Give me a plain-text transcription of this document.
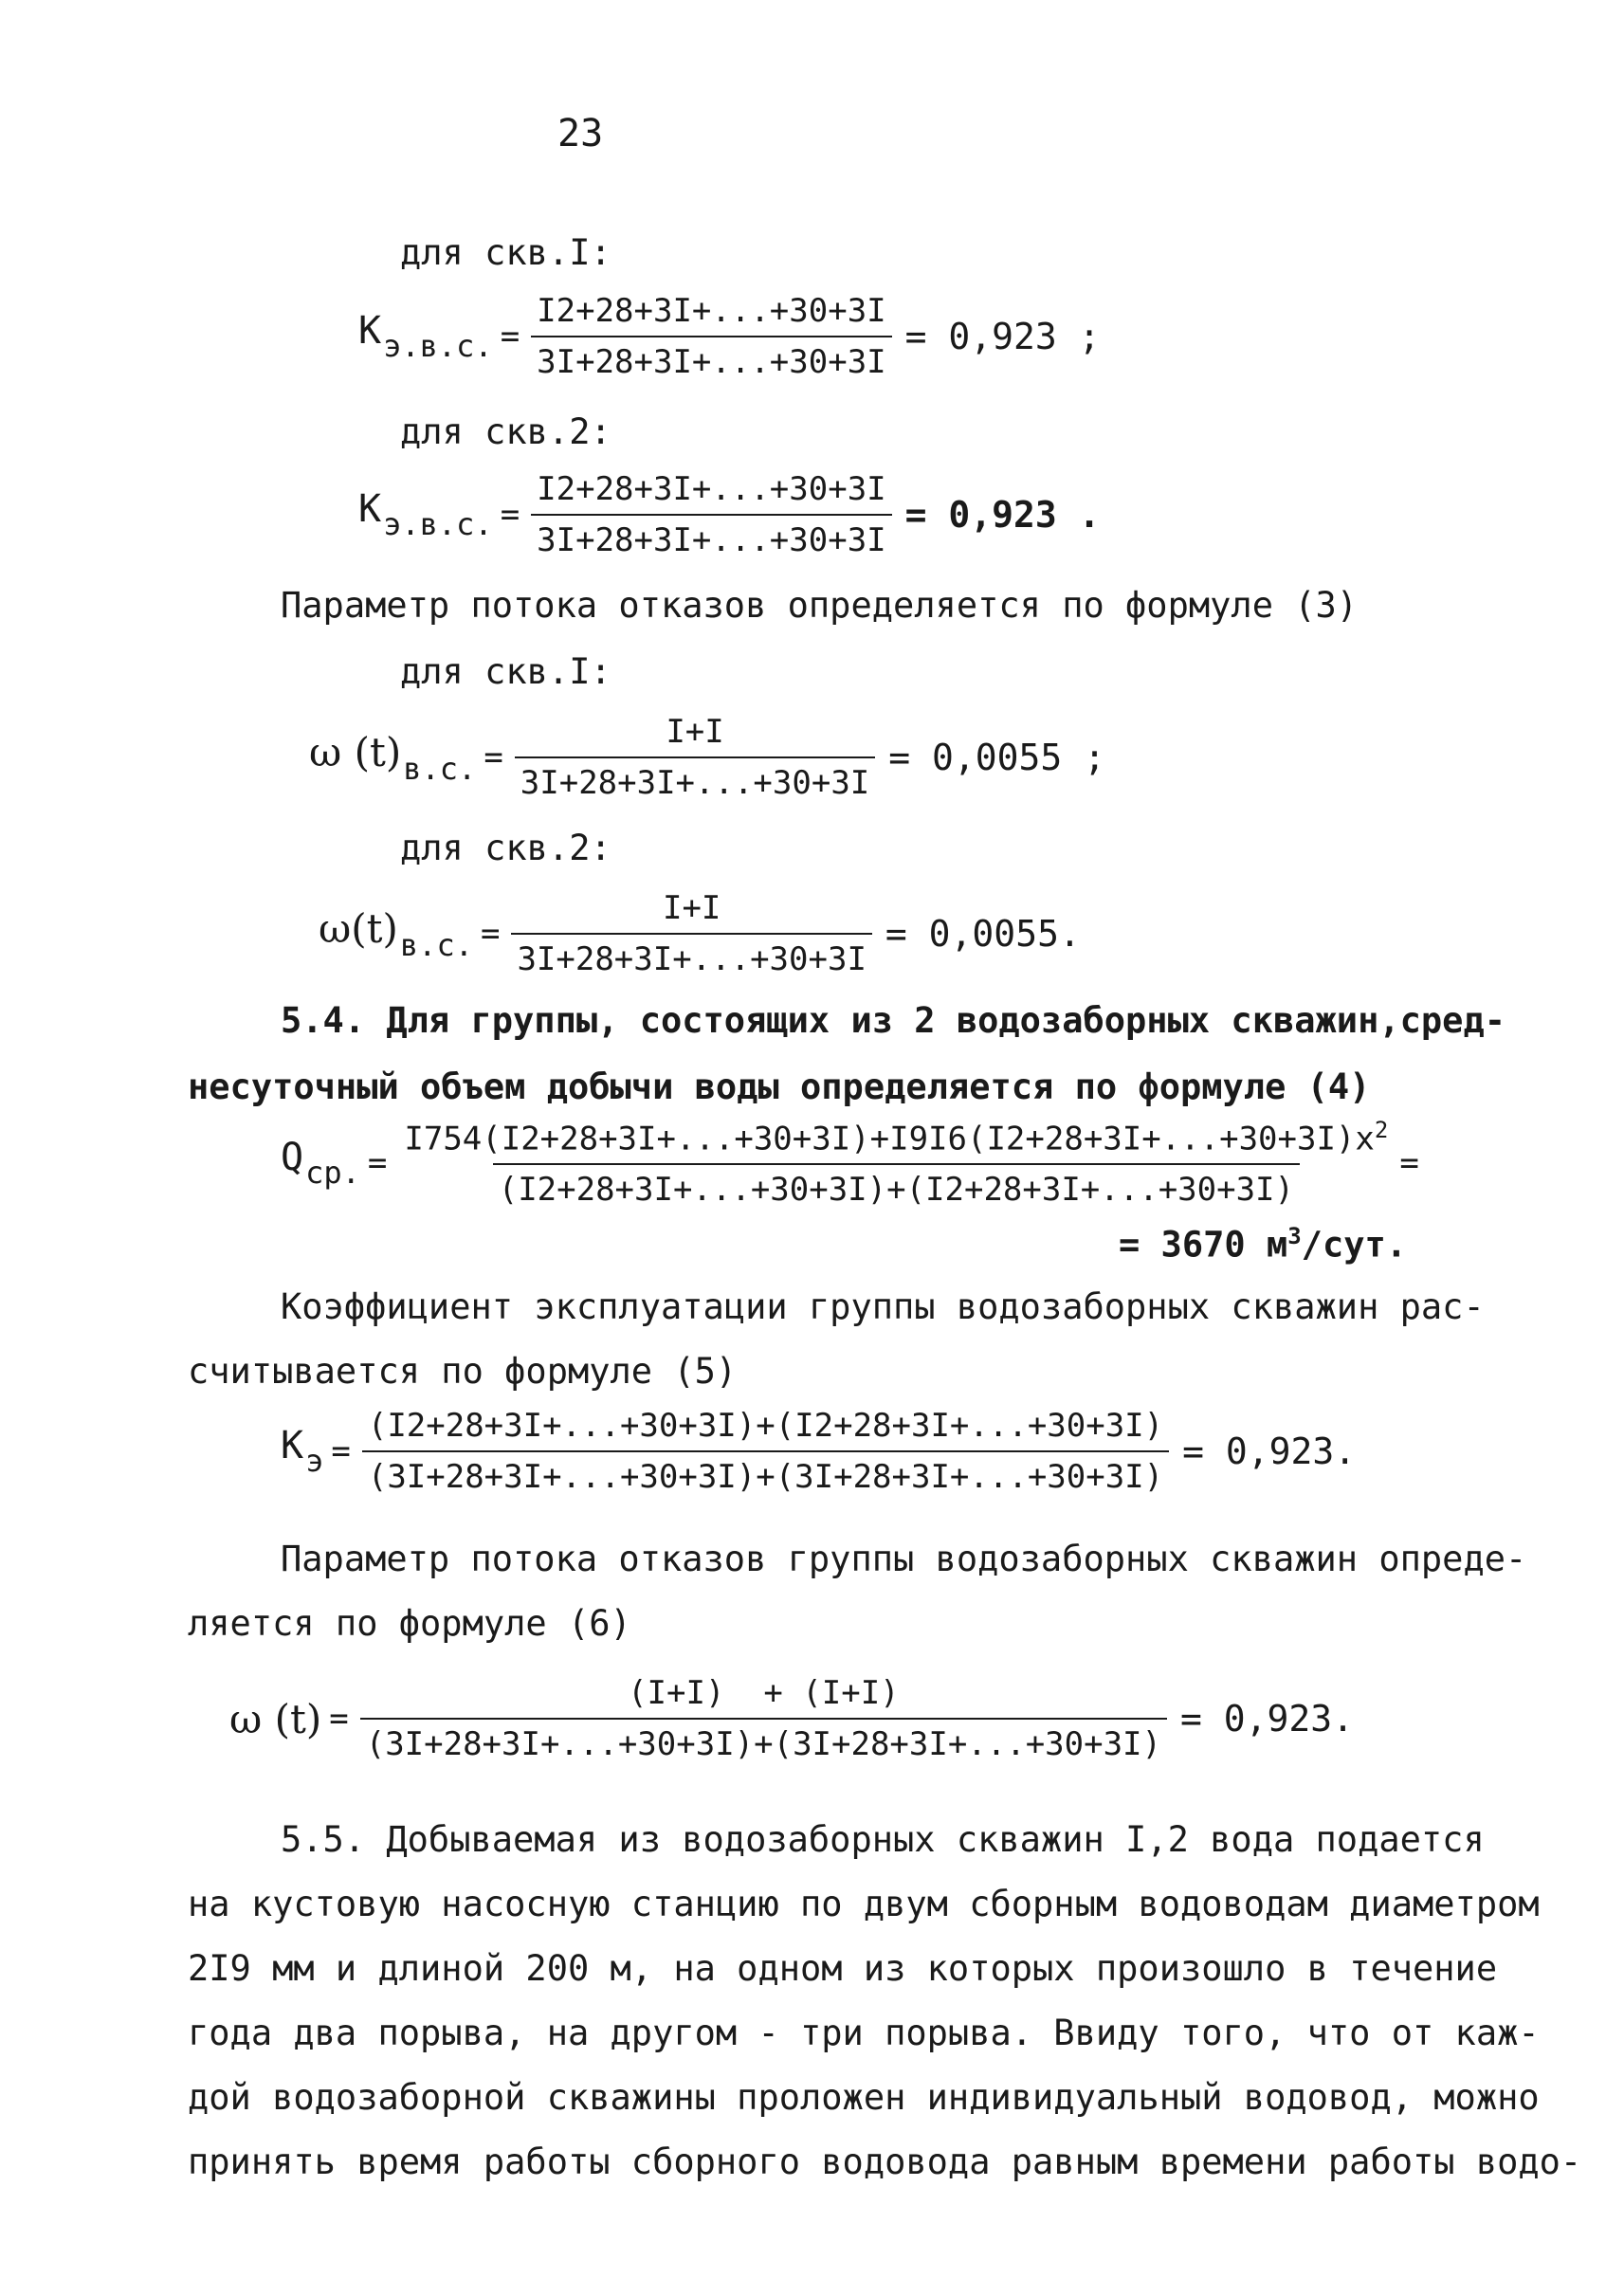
23
для скв.I:
$K_{э.в.с.} = \frac{I2+28+3I+...+30+3I}{3I+28+3I+...+30+3I} = 0,923$ ;
для скв.2:
$K_{э.в.с.} = \frac{I2+28+3I+...+30+3I}{3I+28+3I+...+30+3I} = 0,923$ .
Параметр потока отказов определяется по формуле (3)
для скв.I:
ω $(t)_{в.с.} = \frac{I+I}{3I+28+3I+...+30+3I} = 0,0055$ ;
для скв.2:
$\omega(t)_{в.с.} = \frac{I+I}{3I+28+3I+...+30+3I} = 0,0055$.
5.4. Для группы, состоящих из 2 водозаборных скважин,сред-
несуточный объем добычи воды определяется по формуле (4)
$Q_{ср.} = \frac{I754(I2+28+3I+...+30+3I)+I9I6(I2+28+3I+...+30+3I)x^2}{(I2+28+3I+...+30+3I)+(I2+28+3I+...+30+3I)}$ =
= 3670 $м^3$/сут.
Коэффициент эксплуатации группы водозаборных скважин рас-
считывается по формуле (5)
$K_э = \frac{(I2+28+3I+...+30+3I)+(I2+28+3I+...+30+3I)}{(3I+28+3I+...+30+3I)+(3I+28+3I+...+30+3I)} = 0,923$.
Параметр потока отказов группы водозаборных скважин опреде-
ляется по формуле (6)
ω $(t) = \frac{(I+I) + (I+I)}{(3I+28+3I+...+30+3I)+(3I+28+3I+...+30+3I)} = 0,923$.
5.5. Добываемая из водозаборных скважин I,2 вода подается
на кустовую насосную станцию по двум сборным водоводам диаметром
2I9 мм и длиной 200 м, на одном из которых произошло в течение
года два порыва, на другом - три порыва. Ввиду того, что от каж-
дой водозаборной скважины проложен индивидуальный водовод, можно
принять время работы сборного водовода равным времени работы водо-
